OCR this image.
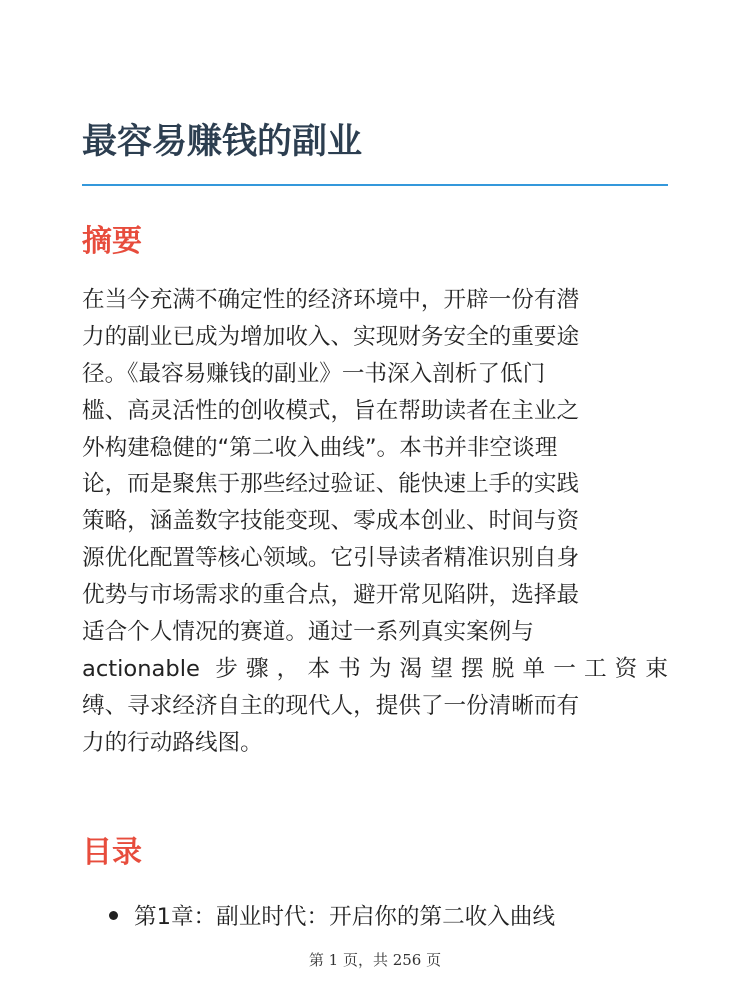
最容易赚钱的副业
摘要
在当今充满不确定性的经济环境中，开辟一份有潜
力的副业已成为增加收入、实现财务安全的重要途
径。《最容易赚钱的副业》一书深入剖析了低门
槛、高灵活性的创收模式，旨在帮助读者在主业之
外构建稳健的“第二收入曲线”。本书并非空谈理
论，而是聚焦于那些经过验证、能快速上手的实践
策略，涵盖数字技能变现、零成本创业、时间与资
源优化配置等核心领域。它引导读者精准识别自身
优势与市场需求的重合点，避开常见陷阱，选择最
适合个人情况的赛道。通过一系列真实案例与
actionable 步骤，本书为渴望摆脱单一工资束
缚、寻求经济自主的现代人，提供了一份清晰而有
力的行动路线图。
目录
第1章：副业时代：开启你的第二收入曲线
第 1 页，共 256 页
